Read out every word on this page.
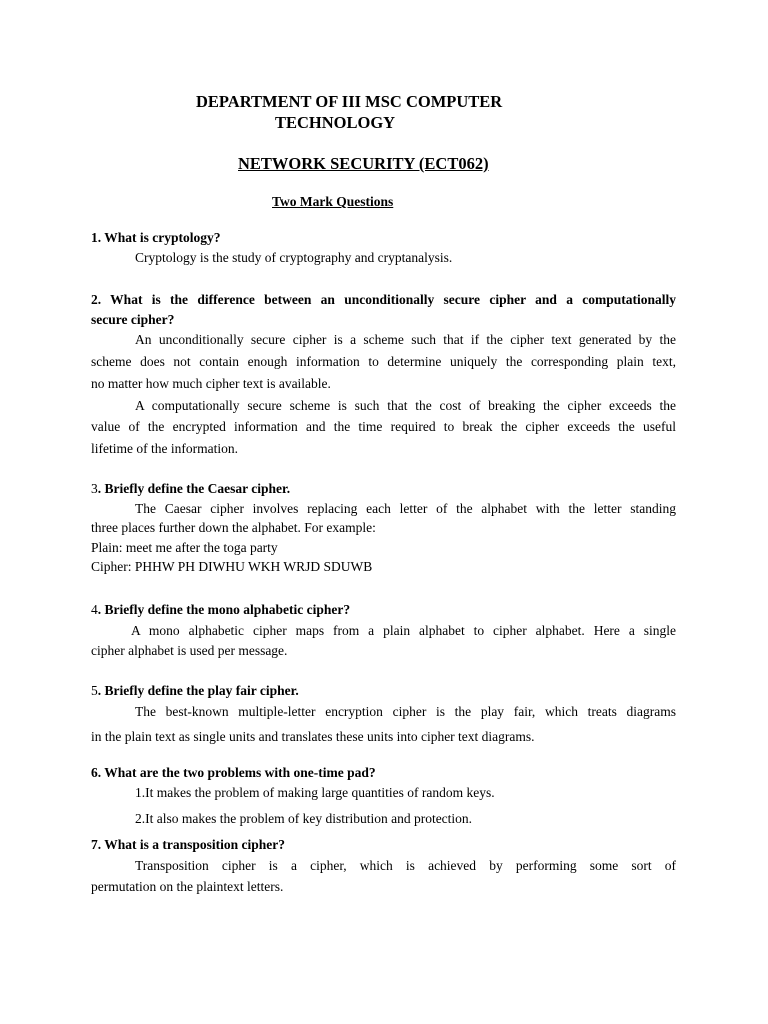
DEPARTMENT OF III MSC COMPUTER
TECHNOLOGY
NETWORK SECURITY (ECT062)
Two Mark Questions
1. What is cryptology?
Cryptology is the study of cryptography and cryptanalysis.
2. What is the difference between an unconditionally secure cipher and a computationally
secure cipher?
An unconditionally secure cipher is a scheme such that if the cipher text generated by the
scheme does not contain enough information to determine uniquely the corresponding plain text,
no matter how much cipher text is available.
A computationally secure scheme is such that the cost of breaking the cipher exceeds the
value of the encrypted information and the time required to break the cipher exceeds the useful
lifetime of the information.
3. Briefly define the Caesar cipher.
The Caesar cipher involves replacing each letter of the alphabet with the letter standing
three places further down the alphabet. For example:
Plain: meet me after the toga party
Cipher: PHHW PH DIWHU WKH WRJD SDUWB
4. Briefly define the mono alphabetic cipher?
A mono alphabetic cipher maps from a plain alphabet to cipher alphabet. Here a single
cipher alphabet is used per message.
5. Briefly define the play fair cipher.
The best-known multiple-letter encryption cipher is the play fair, which treats diagrams
in the plain text as single units and translates these units into cipher text diagrams.
6. What are the two problems with one-time pad?
1.It makes the problem of making large quantities of random keys.
2.It also makes the problem of key distribution and protection.
7. What is a transposition cipher?
Transposition cipher is a cipher, which is achieved by performing some sort of
permutation on the plaintext letters.
